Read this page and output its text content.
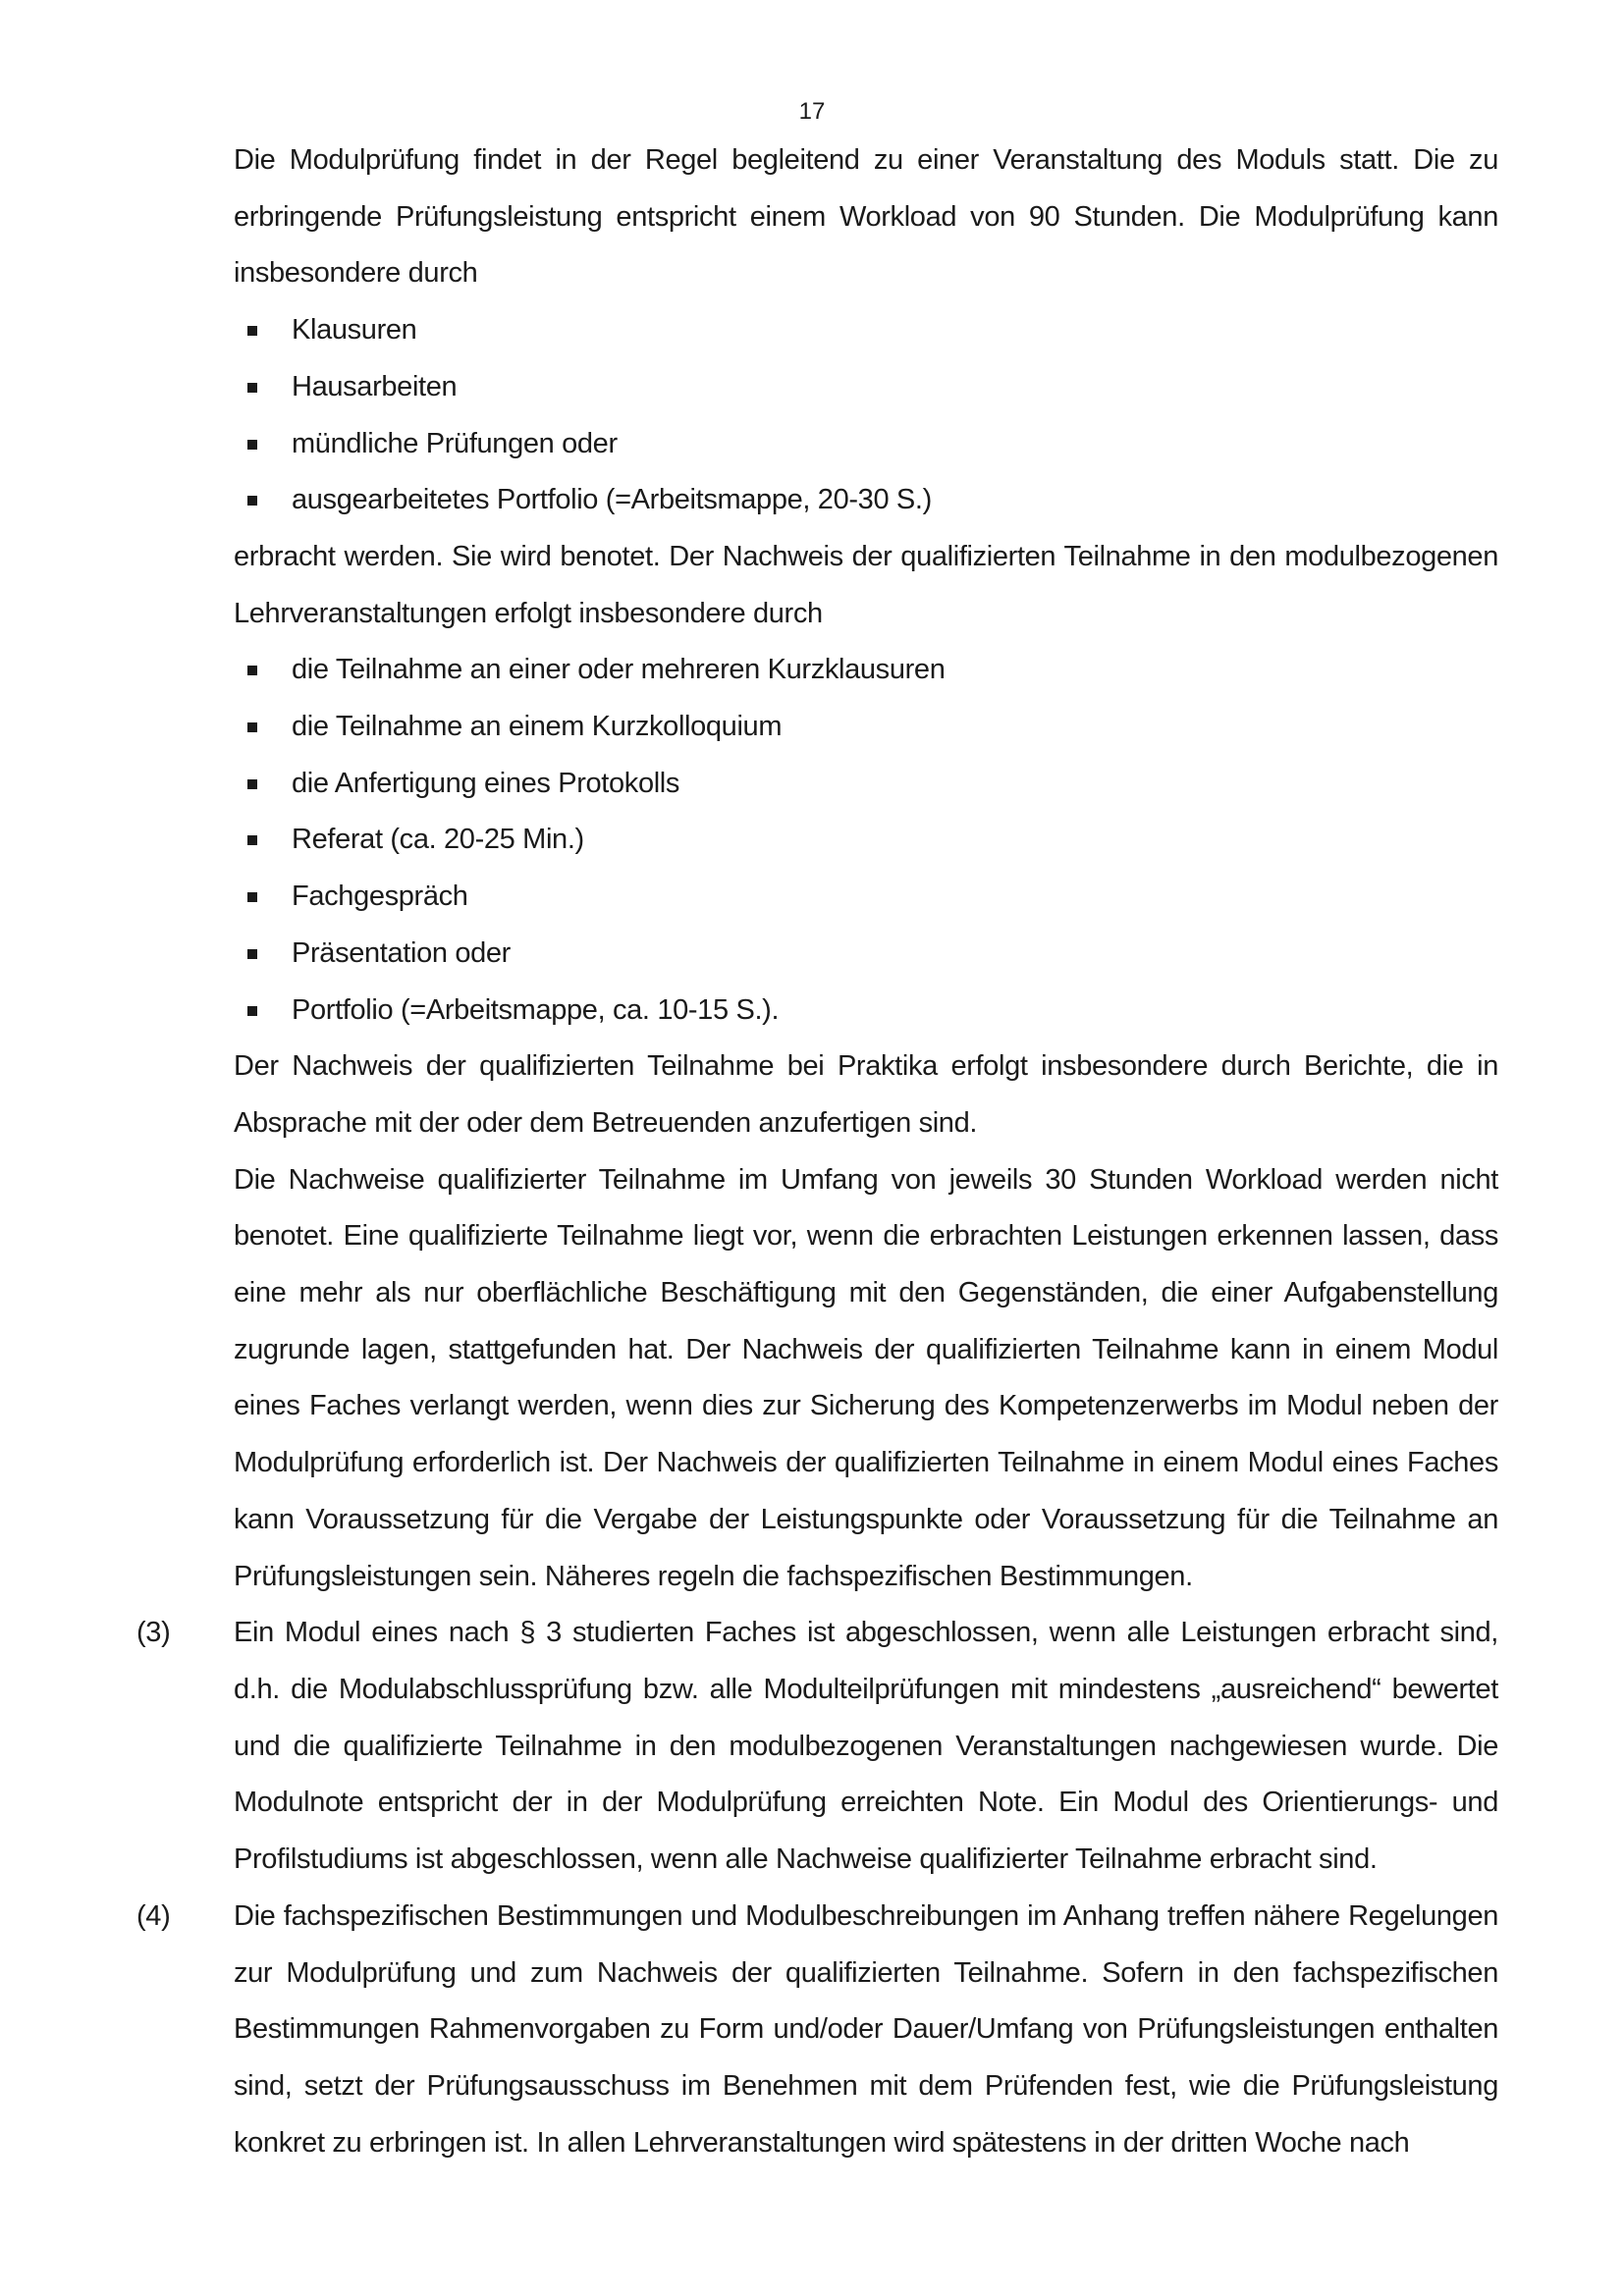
17

Die Modulprüfung findet in der Regel begleitend zu einer Veranstaltung des Moduls statt. Die zu erbringende Prüfungsleistung entspricht einem Workload von 90 Stunden. Die Modulprüfung kann insbesondere durch

Klausuren
Hausarbeiten
mündliche Prüfungen oder
ausgearbeitetes Portfolio (=Arbeitsmappe, 20-30 S.)

erbracht werden. Sie wird benotet. Der Nachweis der qualifizierten Teilnahme in den modulbezogenen Lehrveranstaltungen erfolgt insbesondere durch

die Teilnahme an einer oder mehreren Kurzklausuren
die Teilnahme an einem Kurzkolloquium
die Anfertigung eines Protokolls
Referat (ca. 20-25 Min.)
Fachgespräch
Präsentation oder
Portfolio (=Arbeitsmappe, ca. 10-15 S.).

Der Nachweis der qualifizierten Teilnahme bei Praktika erfolgt insbesondere durch Berichte, die in Absprache mit der oder dem Betreuenden anzufertigen sind.

Die Nachweise qualifizierter Teilnahme im Umfang von jeweils 30 Stunden Workload werden nicht benotet. Eine qualifizierte Teilnahme liegt vor, wenn die erbrachten Leistungen erkennen lassen, dass eine mehr als nur oberflächliche Beschäftigung mit den Gegenständen, die einer Aufgabenstellung zugrunde lagen, stattgefunden hat. Der Nachweis der qualifizierten Teilnahme kann in einem Modul eines Faches verlangt werden, wenn dies zur Sicherung des Kompetenzerwerbs im Modul neben der Modulprüfung erforderlich ist. Der Nachweis der qualifizierten Teilnahme in einem Modul eines Faches kann Voraussetzung für die Vergabe der Leistungspunkte oder Voraussetzung für die Teilnahme an Prüfungsleistungen sein. Näheres regeln die fachspezifischen Bestimmungen.

(3)	Ein Modul eines nach § 3 studierten Faches ist abgeschlossen, wenn alle Leistungen erbracht sind, d.h. die Modulabschlussprüfung bzw. alle Modulteilprüfungen mit mindestens „ausreichend“ bewertet und die qualifizierte Teilnahme in den modulbezogenen Veranstaltungen nachgewiesen wurde. Die Modulnote entspricht der in der Modulprüfung erreichten Note. Ein Modul des Orientierungs- und Profilstudiums ist abgeschlossen, wenn alle Nachweise qualifizierter Teilnahme erbracht sind.

(4)	Die fachspezifischen Bestimmungen und Modulbeschreibungen im Anhang treffen nähere Regelungen zur Modulprüfung und zum Nachweis der qualifizierten Teilnahme. Sofern in den fachspezifischen Bestimmungen Rahmenvorgaben zu Form und/oder Dauer/Umfang von Prüfungsleistungen enthalten sind, setzt der Prüfungsausschuss im Benehmen mit dem Prüfenden fest, wie die Prüfungsleistung konkret zu erbringen ist. In allen Lehrveranstaltungen wird spätestens in der dritten Woche nach
